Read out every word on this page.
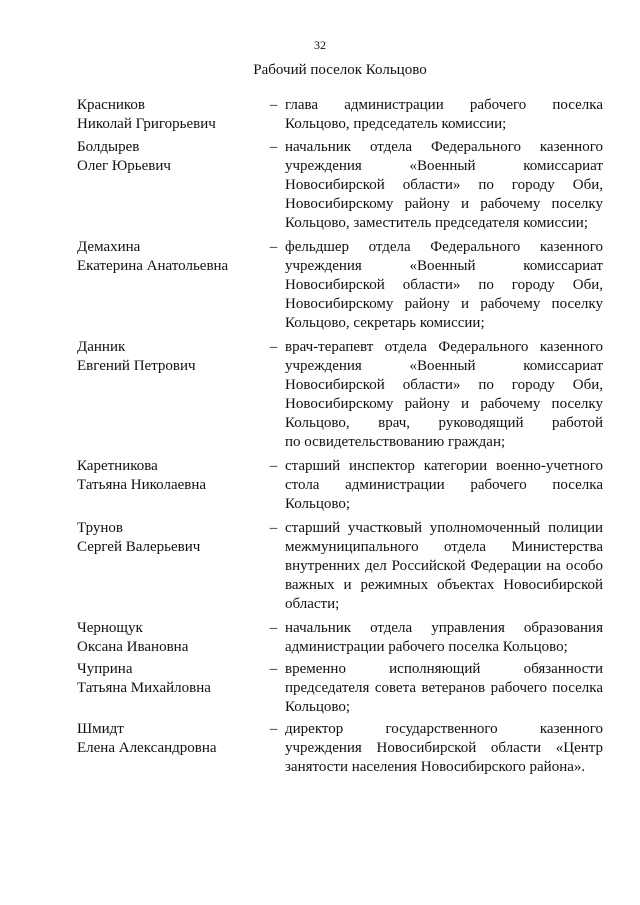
32
Рабочий поселок Кольцово
Красников
Николай Григорьевич
– глава администрации рабочего поселка
Кольцово, председатель комиссии;
Болдырев
Олег Юрьевич
– начальник отдела Федерального казенного
учреждения «Военный комиссариат
Новосибирской области» по городу Оби,
Новосибирскому району и рабочему поселку
Кольцово, заместитель председателя комиссии;
Демахина
Екатерина Анатольевна
– фельдшер отдела Федерального казенного
учреждения «Военный комиссариат
Новосибирской области» по городу Оби,
Новосибирскому району и рабочему поселку
Кольцово, секретарь комиссии;
Данник
Евгений Петрович
– врач-терапевт отдела Федерального казенного
учреждения «Военный комиссариат
Новосибирской области» по городу Оби,
Новосибирскому району и рабочему поселку
Кольцово, врач, руководящий работой
по освидетельствованию граждан;
Каретникова
Татьяна Николаевна
– старший инспектор категории военно-учетного
стола администрации рабочего поселка
Кольцово;
Трунов
Сергей Валерьевич
– старший участковый уполномоченный полиции
межмуниципального отдела Министерства
внутренних дел Российской Федерации на особо
важных и режимных объектах Новосибирской
области;
Чернощук
Оксана Ивановна
– начальник отдела управления образования
администрации рабочего поселка Кольцово;
Чуприна
Татьяна Михайловна
– временно исполняющий обязанности
председателя совета ветеранов рабочего поселка
Кольцово;
Шмидт
Елена Александровна
– директор государственного казенного
учреждения Новосибирской области «Центр
занятости населения Новосибирского района».
